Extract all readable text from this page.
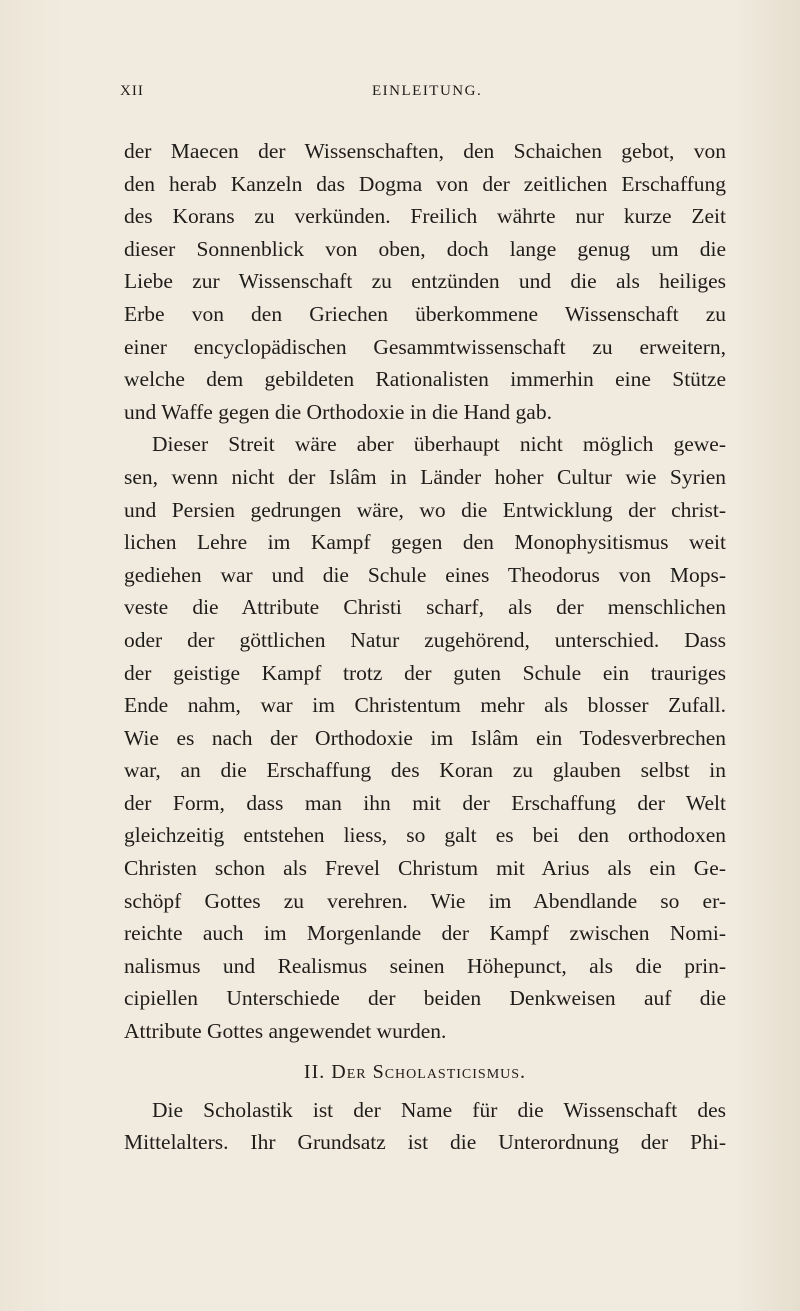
XII	EINLEITUNG.
der Maecen der Wissenschaften, den Schaichen gebot, von
den herab Kanzeln das Dogma von der zeitlichen Erschaffung
des Korans zu verkünden. Freilich währte nur kurze Zeit
dieser Sonnenblick von oben, doch lange genug um die
Liebe zur Wissenschaft zu entzünden und die als heiliges
Erbe von den Griechen überkommene Wissenschaft zu
einer encyclopädischen Gesammtwissenschaft zu erweitern,
welche dem gebildeten Rationalisten immerhin eine Stütze
und Waffe gegen die Orthodoxie in die Hand gab.
Dieser Streit wäre aber überhaupt nicht möglich gewe-
sen, wenn nicht der Islâm in Länder hoher Cultur wie Syrien
und Persien gedrungen wäre, wo die Entwicklung der christ-
lichen Lehre im Kampf gegen den Monophysitismus weit
gediehen war und die Schule eines Theodorus von Mops-
veste die Attribute Christi scharf, als der menschlichen
oder der göttlichen Natur zugehörend, unterschied. Dass
der geistige Kampf trotz der guten Schule ein trauriges
Ende nahm, war im Christentum mehr als blosser Zufall.
Wie es nach der Orthodoxie im Islâm ein Todesverbrechen
war, an die Erschaffung des Koran zu glauben selbst in
der Form, dass man ihn mit der Erschaffung der Welt
gleichzeitig entstehen liess, so galt es bei den orthodoxen
Christen schon als Frevel Christum mit Arius als ein Ge-
schöpf Gottes zu verehren. Wie im Abendlande so er-
reichte auch im Morgenlande der Kampf zwischen Nomi-
nalismus und Realismus seinen Höhepunct, als die prin-
cipiellen Unterschiede der beiden Denkweisen auf die
Attribute Gottes angewendet wurden.
II. Der Scholasticismus.
Die Scholastik ist der Name für die Wissenschaft des
Mittelalters. Ihr Grundsatz ist die Unterordnung der Phi-
